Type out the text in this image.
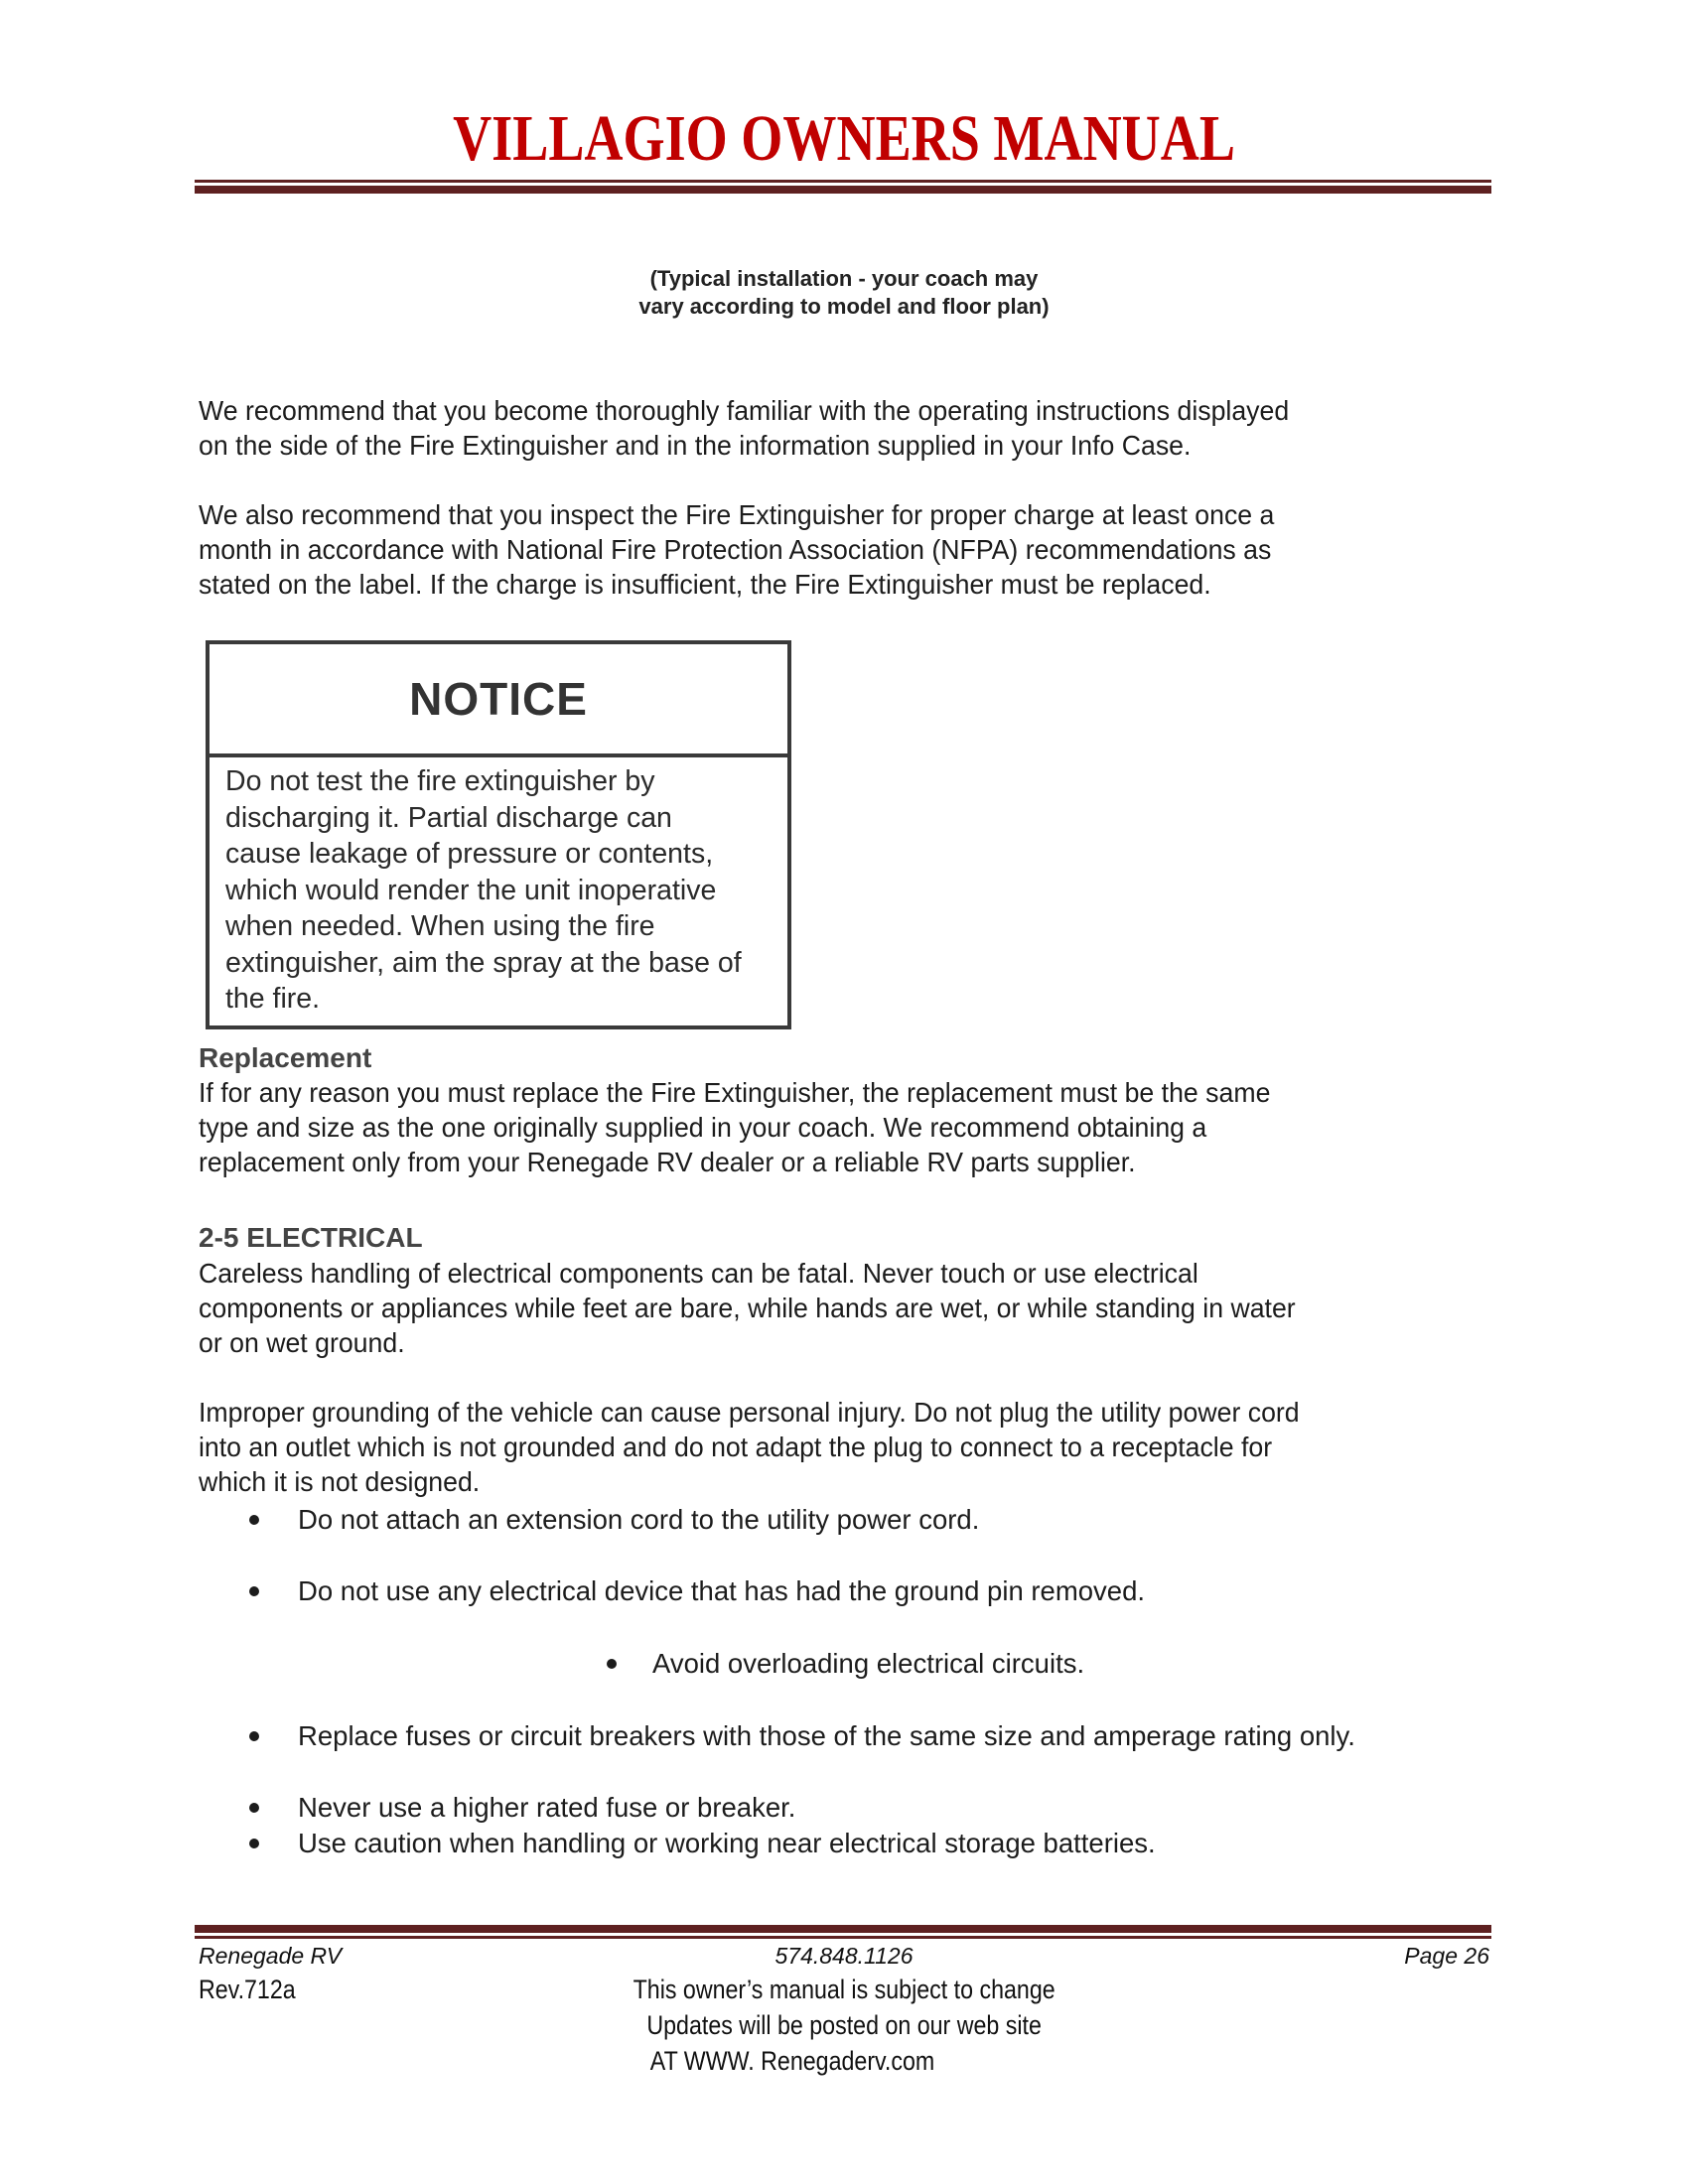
VILLAGIO OWNERS MANUAL
(Typical installation - your coach may
vary according to model and floor plan)
We recommend that you become thoroughly familiar with the operating instructions displayed
on the side of the Fire Extinguisher and in the information supplied in your Info Case.
We also recommend that you inspect the Fire Extinguisher for proper charge at least once a
month in accordance with National Fire Protection Association (NFPA) recommendations as
stated on the label. If the charge is insufficient, the Fire Extinguisher must be replaced.
NOTICE
Do not test the fire extinguisher by
discharging it. Partial discharge can
cause leakage of pressure or contents,
which would render the unit inoperative
when needed. When using the fire
extinguisher, aim the spray at the base of
the fire.
Replacement
If for any reason you must replace the Fire Extinguisher, the replacement must be the same
type and size as the one originally supplied in your coach. We recommend obtaining a
replacement only from your Renegade RV dealer or a reliable RV parts supplier.
2-5 ELECTRICAL
Careless handling of electrical components can be fatal. Never touch or use electrical
components or appliances while feet are bare, while hands are wet, or while standing in water
or on wet ground.
Improper grounding of the vehicle can cause personal injury. Do not plug the utility power cord
into an outlet which is not grounded and do not adapt the plug to connect to a receptacle for
which it is not designed.
Do not attach an extension cord to the utility power cord.
Do not use any electrical device that has had the ground pin removed.
Avoid overloading electrical circuits.
Replace fuses or circuit breakers with those of the same size and amperage rating only.
Never use a higher rated fuse or breaker.
Use caution when handling or working near electrical storage batteries.
Renegade RV	574.848.1126	Page 26
Rev.712a	This owner’s manual is subject to change
Updates will be posted on our web site
AT WWW. Renegaderv.com
